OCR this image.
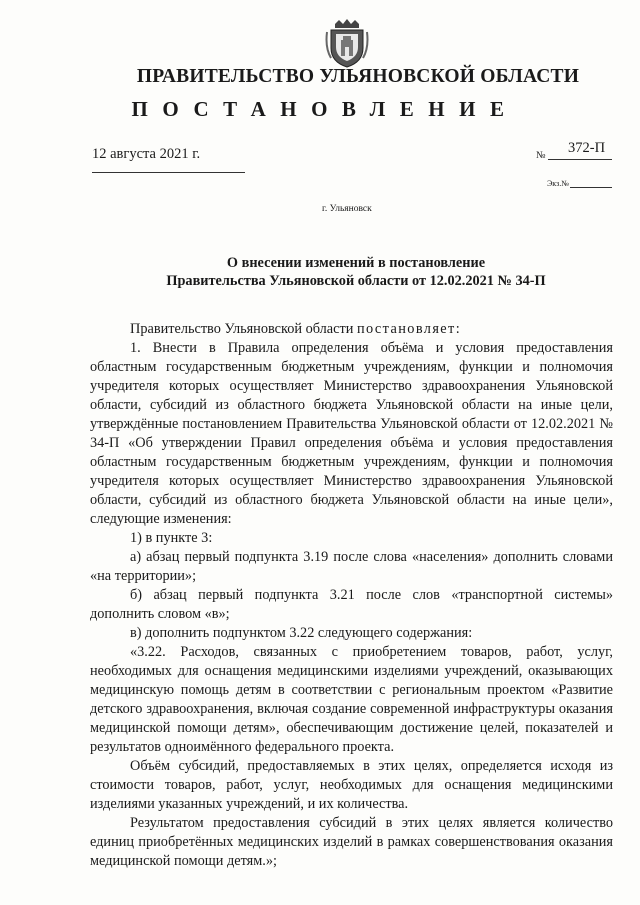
ПРАВИТЕЛЬСТВО УЛЬЯНОВСКОЙ ОБЛАСТИ
ПОСТАНОВЛЕНИЕ
12 августа 2021 г.	№ 372-П
Экз.№
г. Ульяновск
О внесении изменений в постановление
Правительства Ульяновской области от 12.02.2021 № 34-П

Правительство Ульяновской области постановляет:

1. Внести в Правила определения объёма и условия предоставления областным государственным бюджетным учреждениям, функции и полномочия учредителя которых осуществляет Министерство здравоохранения Ульяновской области, субсидий из областного бюджета Ульяновской области на иные цели, утверждённые постановлением Правительства Ульяновской области от 12.02.2021 № 34-П «Об утверждении Правил определения объёма и условия предоставления областным государственным бюджетным учреждениям, функции и полномочия учредителя которых осуществляет Министерство здравоохранения Ульяновской области, субсидий из областного бюджета Ульяновской области на иные цели», следующие изменения:

1) в пункте 3:

а) абзац первый подпункта 3.19 после слова «населения» дополнить словами «на территории»;

б) абзац первый подпункта 3.21 после слов «транспортной системы» дополнить словом «в»;

в) дополнить подпунктом 3.22 следующего содержания:

«3.22. Расходов, связанных с приобретением товаров, работ, услуг, необходимых для оснащения медицинскими изделиями учреждений, оказывающих медицинскую помощь детям в соответствии с региональным проектом «Развитие детского здравоохранения, включая создание современной инфраструктуры оказания медицинской помощи детям», обеспечивающим достижение целей, показателей и результатов одноимённого федерального проекта.

Объём субсидий, предоставляемых в этих целях, определяется исходя из стоимости товаров, работ, услуг, необходимых для оснащения медицинскими изделиями указанных учреждений, и их количества.

Результатом предоставления субсидий в этих целях является количество единиц приобретённых медицинских изделий в рамках совершенствования оказания медицинской помощи детям.»;
